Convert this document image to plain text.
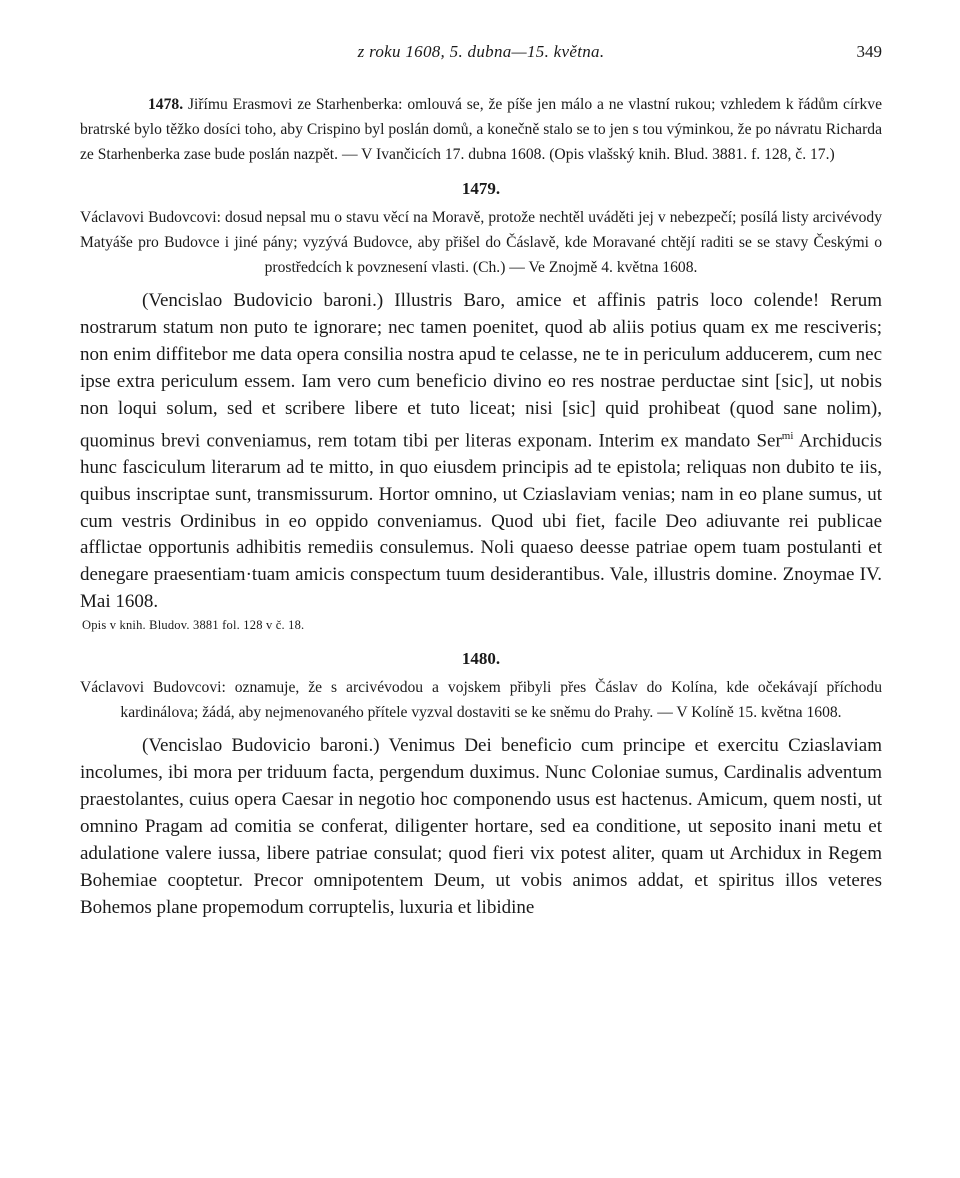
z roku 1608, 5. dubna—15. května.	349

1478. Jiřímu Erasmovi ze Starhenberka: omlouvá se, že píše jen málo a ne vlastní rukou; vzhledem k řádům církve bratrské bylo těžko dosíci toho, aby Crispino byl poslán domů, a konečně stalo se to jen s tou výminkou, že po návratu Richarda ze Starhenberka zase bude poslán nazpět. — V Ivančicích 17. dubna 1608. (Opis vlašský knih. Blud. 3881. f. 128, č. 17.)

1479.

Václavovi Budovcovi: dosud nepsal mu o stavu věcí na Moravě, protože nechtěl uváděti jej v nebezpečí; posílá listy arcivévody Matyáše pro Budovce i jiné pány; vyzývá Budovce, aby přišel do Čáslavě, kde Moravané chtějí raditi se se stavy Českými o prostředcích k povznesení vlasti. (Ch.) — Ve Znojmě 4. května 1608.

(Vencislao Budovicio baroni.) Illustris Baro, amice et affinis patris loco colende! Rerum nostrarum statum non puto te ignorare; nec tamen poenitet, quod ab aliis potius quam ex me resciveris; non enim diffitebor me data opera consilia nostra apud te celasse, ne te in periculum adducerem, cum nec ipse extra periculum essem. Iam vero cum beneficio divino eo res nostrae perductae sint [sic], ut nobis non loqui solum, sed et scribere libere et tuto liceat; nisi [sic] quid prohibeat (quod sane nolim), quominus brevi conveniamus, rem totam tibi per literas exponam. Interim ex mandato Ser$^{mi}$ Archiducis hunc fasciculum literarum ad te mitto, in quo eiusdem principis ad te epistola; reliquas non dubito te iis, quibus inscriptae sunt, transmissurum. Hortor omnino, ut Cziaslaviam venias; nam in eo plane sumus, ut cum vestris Ordinibus in eo oppido conveniamus. Quod ubi fiet, facile Deo adiuvante rei publicae afflictae opportunis adhibitis remediis consulemus. Noli quaeso deesse patriae opem tuam postulanti et denegare praesentiam·tuam amicis conspectum tuum desiderantibus. Vale, illustris domine. Znoymae IV. Mai 1608.

Opis v knih. Bludov. 3881 fol. 128 v č. 18.
1480.

Václavovi Budovcovi: oznamuje, že s arcivévodou a vojskem přibyli přes Čáslav do Kolína, kde očekávají příchodu kardinálova; žádá, aby nejmenovaného přítele vyzval dostaviti se ke sněmu do Prahy. — V Kolíně 15. května 1608.

(Vencislao Budovicio baroni.) Venimus Dei beneficio cum principe et exercitu Cziaslaviam incolumes, ibi mora per triduum facta, pergendum duximus. Nunc Coloniae sumus, Cardinalis adventum praestolantes, cuius opera Caesar in negotio hoc componendo usus est hactenus. Amicum, quem nosti, ut omnino Pragam ad comitia se conferat, diligenter hortare, sed ea conditione, ut seposito inani metu et adulatione valere iussa, libere patriae consulat; quod fieri vix potest aliter, quam ut Archidux in Regem Bohemiae cooptetur. Precor omnipotentem Deum, ut vobis animos addat, et spiritus illos veteres Bohemos plane propemodum corruptelis, luxuria et libidine
